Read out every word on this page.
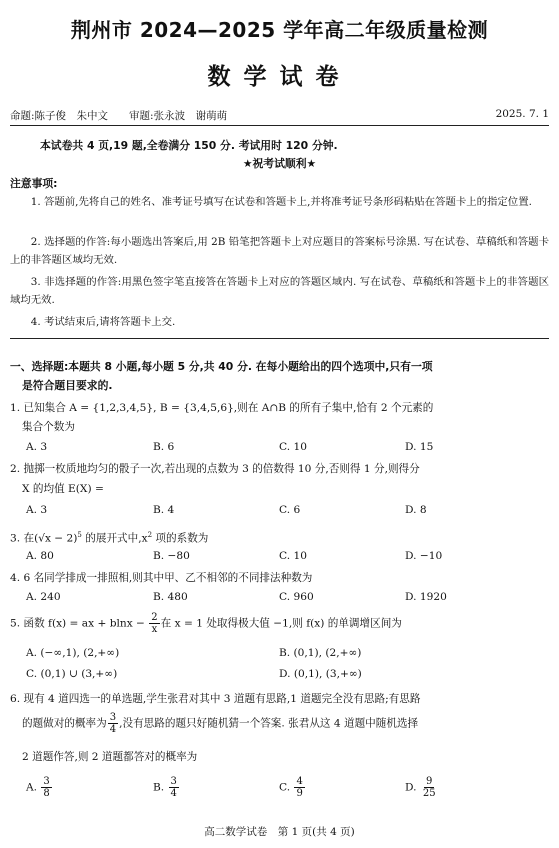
荆州市 2024—2025 学年高二年级质量检测
数学试卷
命题:陈子俊　朱中文　　审题:张永波　谢萌萌	2025. 7. 1
本试卷共 4 页,19 题,全卷满分 150 分. 考试用时 120 分钟.
★祝考试顺利★
注意事项:
1. 答题前,先将自己的姓名、准考证号填写在试卷和答题卡上,并将准考证号条形码粘贴在答题卡上的指定位置.
2. 选择题的作答:每小题选出答案后,用 2B 铅笔把答题卡上对应题目的答案标号涂黑. 写在试卷、草稿纸和答题卡上的非答题区域均无效.
3. 非选择题的作答:用黑色签字笔直接答在答题卡上对应的答题区域内. 写在试卷、草稿纸和答题卡上的非答题区域均无效.
4. 考试结束后,请将答题卡上交.
一、选择题:本题共 8 小题,每小题 5 分,共 40 分. 在每小题给出的四个选项中,只有一项
是符合题目要求的.
1. 已知集合 A = {1,2,3,4,5}, B = {3,4,5,6},则在 A∩B 的所有子集中,恰有 2 个元素的
集合个数为
A. 3	B. 6	C. 10	D. 15
2. 抛掷一枚质地均匀的骰子一次,若出现的点数为 3 的倍数得 10 分,否则得 1 分,则得分
X 的均值 E(X) =
A. 3	B. 4	C. 6	D. 8
3. 在$(√x - 2)^5$ 的展开式中$,x^2$ 项的系数为
A. 80	B. −80	C. 10	D. −10
4. 6 名同学排成一排照相,则其中甲、乙不相邻的不同排法种数为
A. 240	B. 480	C. 960	D. 1920
5. 函数 f(x) = ax + $blnx - \frac{2}{x}$ 在 x = 1 处取得极大值 −1,则 f(x) 的单调增区间为
A. (−∞,1), (2,+∞)	B. (0,1), (2,+∞)
C. (0,1) ∪ (3,+∞)	D. (0,1), (3,+∞)
6. 现有 4 道四选一的单选题,学生张君对其中 3 道题有思路,1 道题完全没有思路;有思路
的题做对的概率为 $\frac{3}{4}$ ,没有思路的题只好随机猜一个答案. 张君从这 4 道题中随机选择
2 道题作答,则 2 道题都答对的概率为
A. $\frac{3}{8}$	B. $\frac{3}{4}$	C. $\frac{4}{9}$	D. $\frac{9}{25}$
高二数学试卷　第 1 页(共 4 页)
